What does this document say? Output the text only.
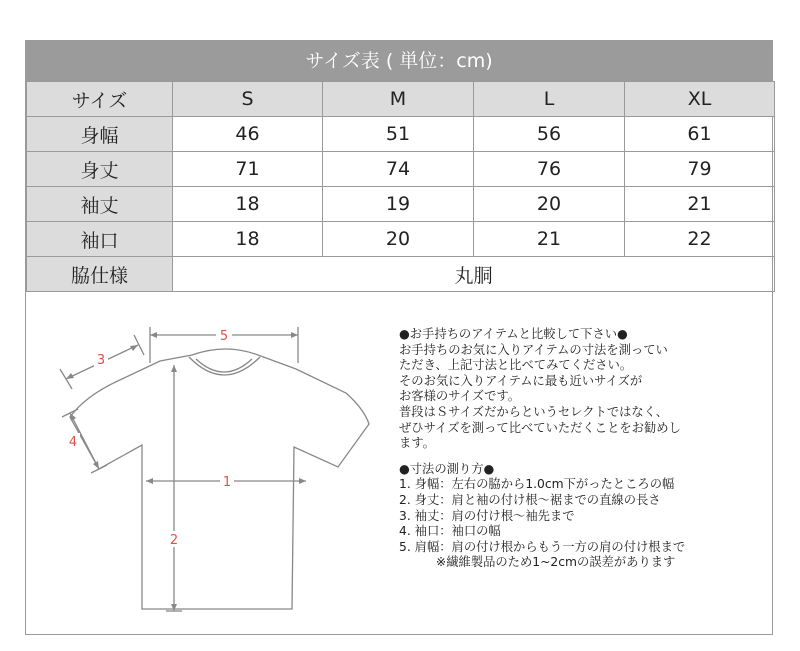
サイズ表 ( 単位：cm)
サイズ	S	M	L	XL
身幅	46	51	56	61
身丈	71	74	76	79
袖丈	18	19	20	21
袖口	18	20	21	22
脇仕様	丸胴			
5
3
4
1
2

●お手持ちのアイテムと比較して下さい●

お手持ちのお気に入りアイテムの寸法を測ってい

ただき、上記寸法と比べてみてください。

そのお気に入りアイテムに最も近いサイズが

お客様のサイズです。

普段はＳサイズだからというセレクトではなく、

ぜひサイズを測って比べていただくことをお勧めし

ます。

●寸法の測り方●

1. 身幅：左右の脇から1.0cm下がったところの幅

2. 身丈：肩と袖の付け根～裾までの直線の長さ

3. 袖丈：肩の付け根～袖先まで

4. 袖口：袖口の幅

5. 肩幅：肩の付け根からもう一方の肩の付け根まで

　　　※繊維製品のため1~2cmの誤差があります
